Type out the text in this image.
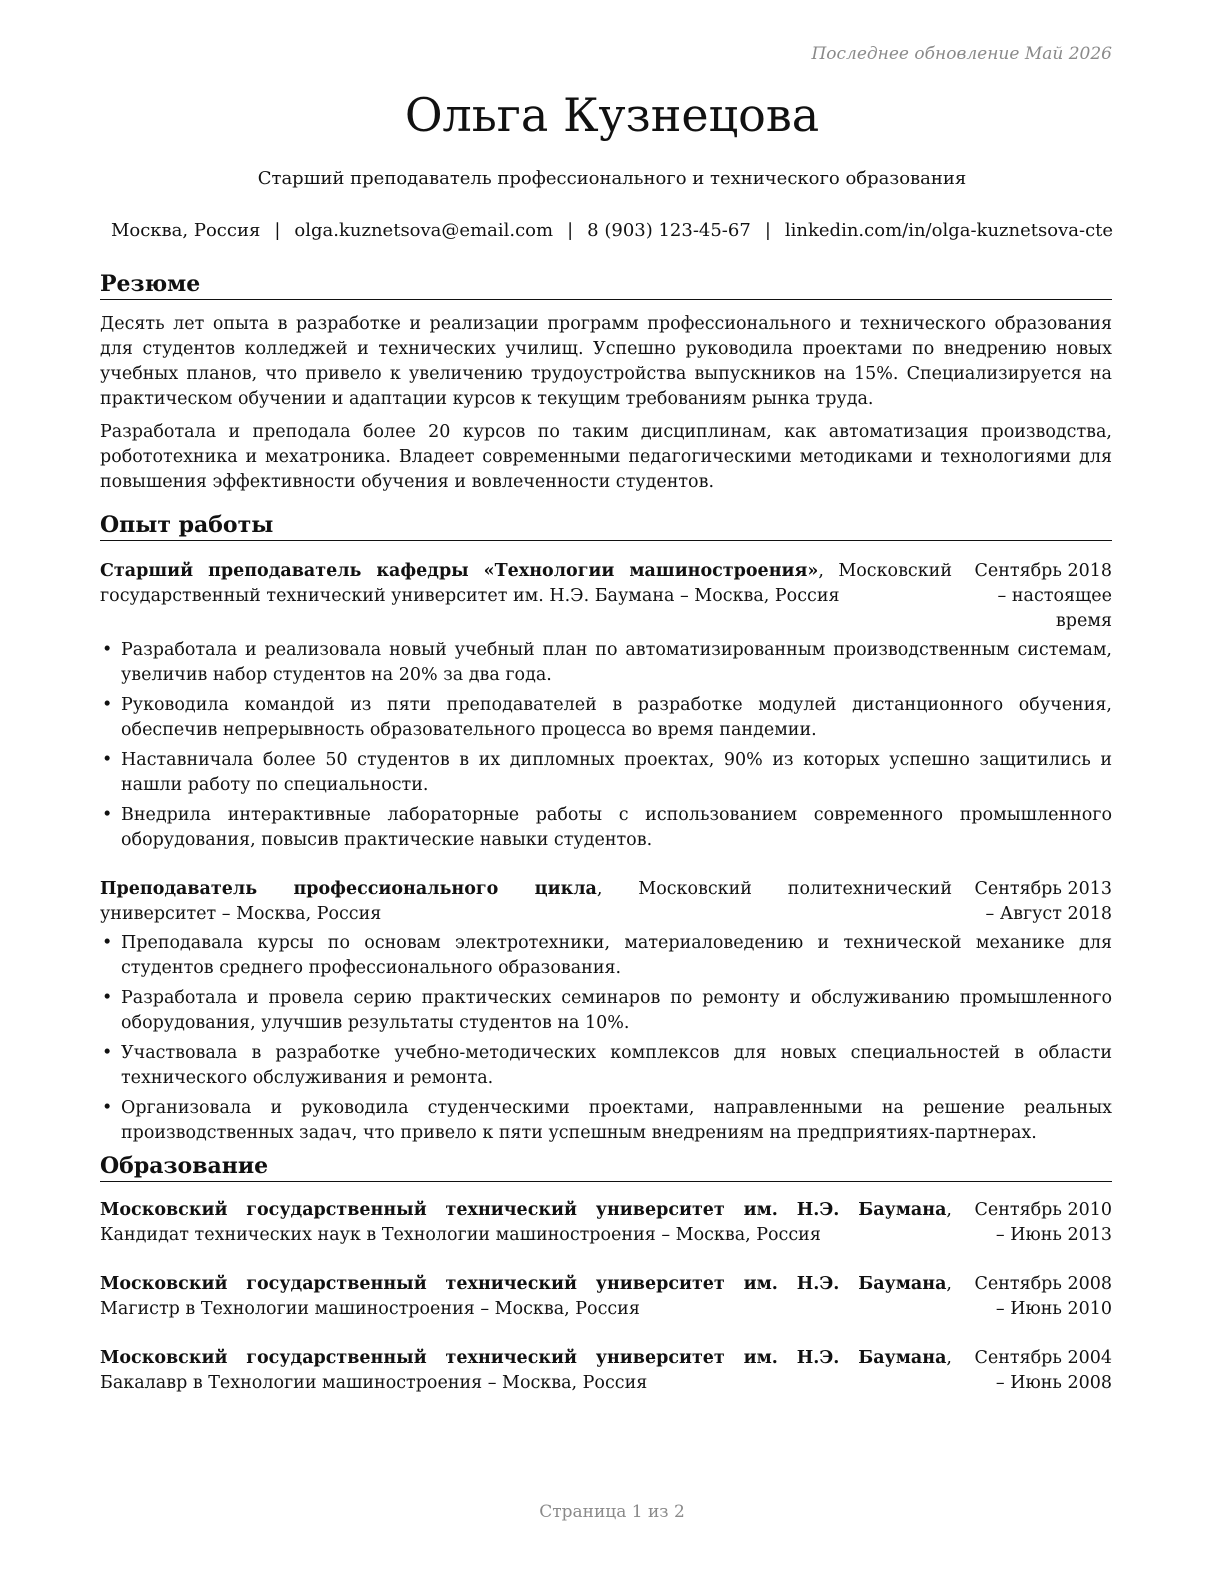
Последнее обновление Май 2026
Ольга Кузнецова
Старший преподаватель профессионального и технического образования
Москва, Россия | olga.kuznetsova@email.com | 8 (903) 123-45-67 | linkedin.com/in/olga-kuznetsova-cte
Резюме

Десять лет опыта в разработке и реализации программ профессионального и технического образования для студентов колледжей и технических училищ. Успешно руководила проектами по внедрению новых учебных планов, что привело к увеличению трудоустройства выпускников на 15%. Специализируется на практическом обучении и адаптации курсов к текущим требованиям рынка труда.

Разработала и преподала более 20 курсов по таким дисциплинам, как автоматизация производства, робототехника и мехатроника. Владеет современными педагогическими методиками и технологиями для повышения эффективности обучения и вовлеченности студентов.

Опыт работы
Старший преподаватель кафедры «Технологии машиностроения», Московский государственный технический университет им. Н.Э. Баумана – Москва, Россия
Сентябрь 2018 – настоящее время
• Разработала и реализовала новый учебный план по автоматизированным производственным системам, увеличив набор студентов на 20% за два года.
• Руководила командой из пяти преподавателей в разработке модулей дистанционного обучения, обеспечив непрерывность образовательного процесса во время пандемии.
• Наставничала более 50 студентов в их дипломных проектах, 90% из которых успешно защитились и нашли работу по специальности.
• Внедрила интерактивные лабораторные работы с использованием современного промышленного оборудования, повысив практические навыки студентов.
Преподаватель профессионального цикла, Московский политехнический университет – Москва, Россия
Сентябрь 2013 – Август 2018
• Преподавала курсы по основам электротехники, материаловедению и технической механике для студентов среднего профессионального образования.
• Разработала и провела серию практических семинаров по ремонту и обслуживанию промышленного оборудования, улучшив результаты студентов на 10%.
• Участвовала в разработке учебно-методических комплексов для новых специальностей в области технического обслуживания и ремонта.
• Организовала и руководила студенческими проектами, направленными на решение реальных производственных задач, что привело к пяти успешным внедрениям на предприятиях-партнерах.
Образование
Московский государственный технический университет им. Н.Э. Баумана, Кандидат технических наук в Технологии машиностроения – Москва, Россия
Сентябрь 2010 – Июнь 2013
Московский государственный технический университет им. Н.Э. Баумана, Магистр в Технологии машиностроения – Москва, Россия
Сентябрь 2008 – Июнь 2010
Московский государственный технический университет им. Н.Э. Баумана, Бакалавр в Технологии машиностроения – Москва, Россия
Сентябрь 2004 – Июнь 2008
Страница 1 из 2
